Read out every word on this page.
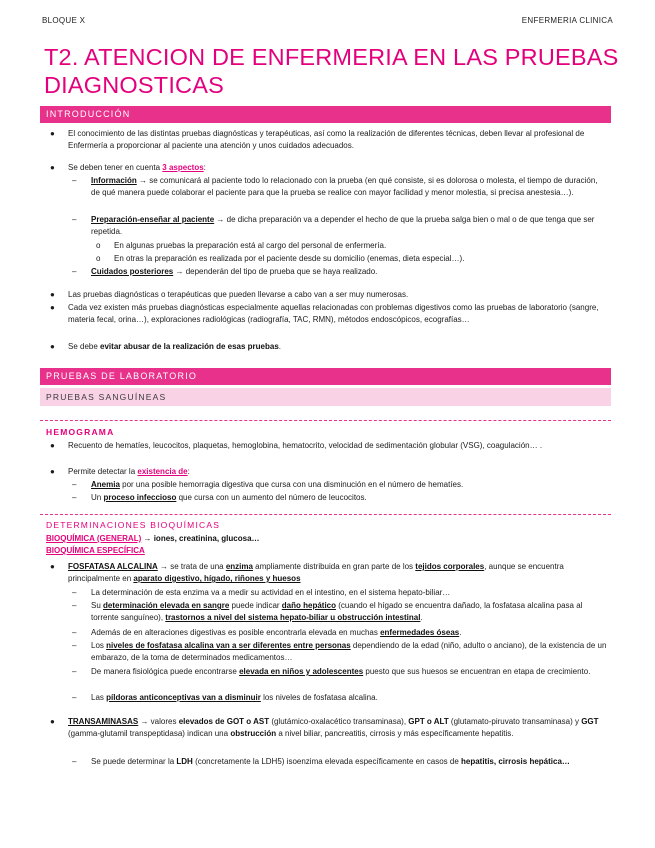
BLOQUE X	ENFERMERIA CLINICA
T2. ATENCION DE ENFERMERIA EN LAS PRUEBAS DIAGNOSTICAS
INTRODUCCIÓN
● El conocimiento de las distintas pruebas diagnósticas y terapéuticas, así como la realización de diferentes técnicas, deben llevar al profesional de Enfermería a proporcionar al paciente una atención y unos cuidados adecuados.
● Se deben tener en cuenta 3 aspectos:
– Información → se comunicará al paciente todo lo relacionado con la prueba (en qué consiste, si es dolorosa o molesta, el tiempo de duración, de qué manera puede colaborar el paciente para que la prueba se realice con mayor facilidad y menor molestia, si precisa anestesia…).
– Preparación-enseñar al paciente → de dicha preparación va a depender el hecho de que la prueba salga bien o mal o de que tenga que ser repetida.
o En algunas pruebas la preparación está al cargo del personal de enfermería.
o En otras la preparación es realizada por el paciente desde su domicilio (enemas, dieta especial…).
– Cuidados posteriores → dependerán del tipo de prueba que se haya realizado.
● Las pruebas diagnósticas o terapéuticas que pueden llevarse a cabo van a ser muy numerosas.
● Cada vez existen más pruebas diagnósticas especialmente aquellas relacionadas con problemas digestivos como las pruebas de laboratorio (sangre, materia fecal, orina…), exploraciones radiológicas (radiografía, TAC, RMN), métodos endoscópicos, ecografías…
● Se debe evitar abusar de la realización de esas pruebas.
PRUEBAS DE LABORATORIO
PRUEBAS SANGUÍNEAS
HEMOGRAMA
● Recuento de hematíes, leucocitos, plaquetas, hemoglobina, hematocrito, velocidad de sedimentación globular (VSG), coagulación… .
● Permite detectar la existencia de:
– Anemia por una posible hemorragia digestiva que cursa con una disminución en el número de hematíes.
– Un proceso infeccioso que cursa con un aumento del número de leucocitos.
DETERMINACIONES BIOQUÍMICAS
BIOQUÍMICA (GENERAL) → iones, creatinina, glucosa…
BIOQUÍMICA ESPECÍFICA
● FOSFATASA ALCALINA → se trata de una enzima ampliamente distribuida en gran parte de los tejidos corporales, aunque se encuentra principalmente en aparato digestivo, hígado, riñones y huesos
– La determinación de esta enzima va a medir su actividad en el intestino, en el sistema hepato-biliar…
– Su determinación elevada en sangre puede indicar daño hepático (cuando el hígado se encuentra dañado, la fosfatasa alcalina pasa al torrente sanguíneo), trastornos a nivel del sistema hepato-biliar u obstrucción intestinal.
– Además de en alteraciones digestivas es posible encontrarla elevada en muchas enfermedades óseas.
– Los niveles de fosfatasa alcalina van a ser diferentes entre personas dependiendo de la edad (niño, adulto o anciano), de la existencia de un embarazo, de la toma de determinados medicamentos…
– De manera fisiológica puede encontrarse elevada en niños y adolescentes puesto que sus huesos se encuentran en etapa de crecimiento.
– Las píldoras anticonceptivas van a disminuir los niveles de fosfatasa alcalina.
● TRANSAMINASAS → valores elevados de GOT o AST (glutámico-oxalacético transaminasa), GPT o ALT (glutamato-piruvato transaminasa) y GGT (gamma-glutamil transpeptidasa) indican una obstrucción a nivel biliar, pancreatitis, cirrosis y más específicamente hepatitis.
– Se puede determinar la LDH (concretamente la LDH5) isoenzima elevada específicamente en casos de hepatitis, cirrosis hepática…
